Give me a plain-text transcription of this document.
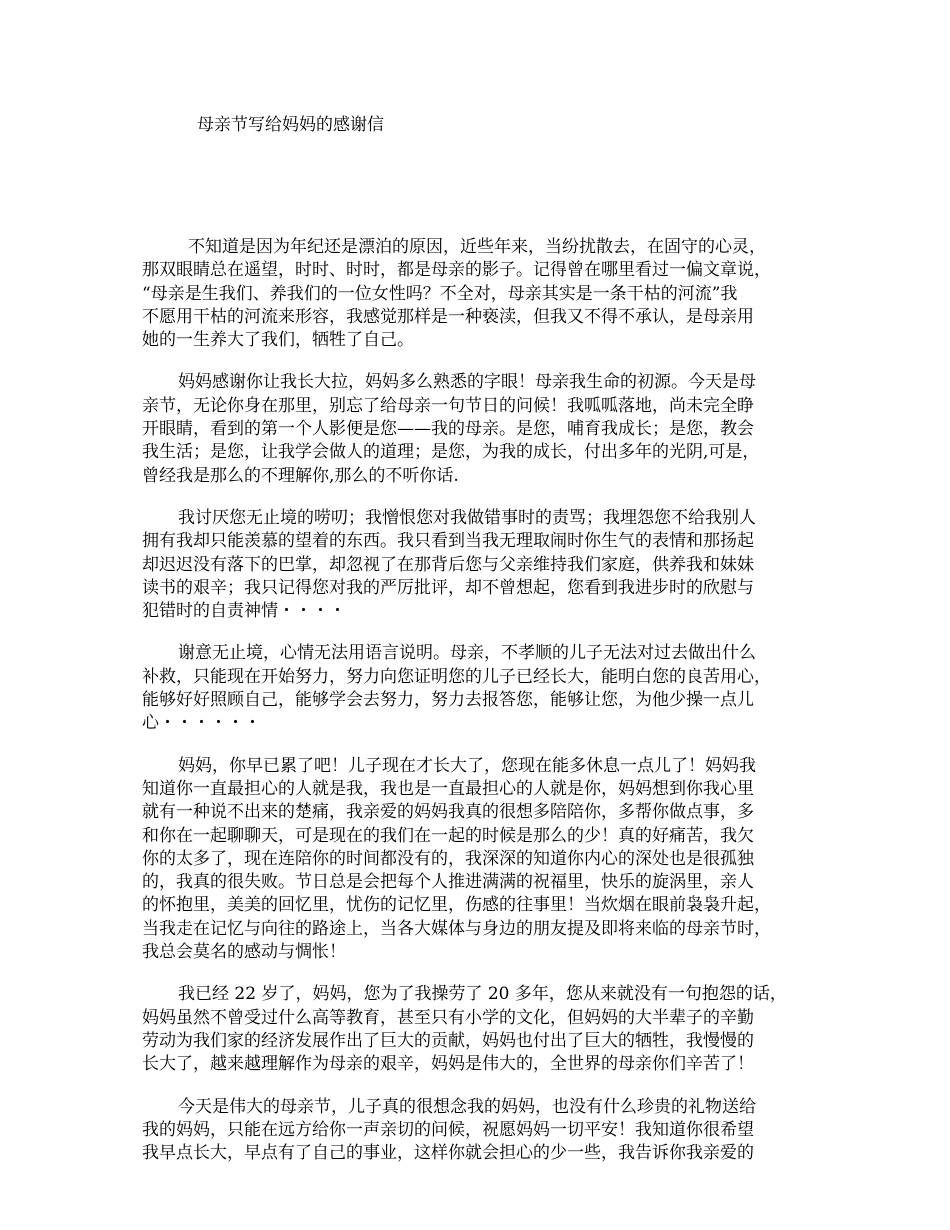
母亲节写给妈妈的感谢信

不知道是因为年纪还是漂泊的原因，近些年来，当纷扰散去，在固守的心灵，
那双眼睛总在遥望，时时、时时，都是母亲的影子。记得曾在哪里看过一偏文章说，
“母亲是生我们、养我们的一位女性吗？不全对，母亲其实是一条干枯的河流”我
不愿用干枯的河流来形容，我感觉那样是一种亵渎，但我又不得不承认，是母亲用
她的一生养大了我们，牺牲了自己。

妈妈感谢你让我长大拉，妈妈多么熟悉的字眼！母亲我生命的初源。今天是母
亲节，无论你身在那里，别忘了给母亲一句节日的问候！我呱呱落地，尚未完全睁
开眼睛，看到的第一个人影便是您——我的母亲。是您，哺育我成长；是您，教会
我生活；是您，让我学会做人的道理；是您，为我的成长，付出多年的光阴,可是，
曾经我是那么的不理解你,那么的不听你话.

我讨厌您无止境的唠叨；我憎恨您对我做错事时的责骂；我埋怨您不给我别人
拥有我却只能羡慕的望着的东西。我只看到当我无理取闹时你生气的表情和那扬起
却迟迟没有落下的巴掌，却忽视了在那背后您与父亲维持我们家庭，供养我和妹妹
读书的艰辛；我只记得您对我的严厉批评，却不曾想起，您看到我进步时的欣慰与
犯错时的自责神情・・・・

谢意无止境，心情无法用语言说明。母亲，不孝顺的儿子无法对过去做出什么
补救，只能现在开始努力，努力向您证明您的儿子已经长大，能明白您的良苦用心，
能够好好照顾自己，能够学会去努力，努力去报答您，能够让您，为他少操一点儿
心・・・・・・

妈妈，你早已累了吧！儿子现在才长大了，您现在能多休息一点儿了！妈妈我
知道你一直最担心的人就是我，我也是一直最担心的人就是你，妈妈想到你我心里
就有一种说不出来的楚痛，我亲爱的妈妈我真的很想多陪陪你，多帮你做点事，多
和你在一起聊聊天，可是现在的我们在一起的时候是那么的少！真的好痛苦，我欠
你的太多了，现在连陪你的时间都没有的，我深深的知道你内心的深处也是很孤独
的，我真的很失败。节日总是会把每个人推进满满的祝福里，快乐的旋涡里，亲人
的怀抱里，美美的回忆里，忧伤的记忆里，伤感的往事里！当炊烟在眼前袅袅升起，
当我走在记忆与向往的路途上，当各大媒体与身边的朋友提及即将来临的母亲节时，
我总会莫名的感动与惆怅！

我已经 22 岁了，妈妈，您为了我操劳了 20 多年，您从来就没有一句抱怨的话，
妈妈虽然不曾受过什么高等教育，甚至只有小学的文化，但妈妈的大半辈子的辛勤
劳动为我们家的经济发展作出了巨大的贡献，妈妈也付出了巨大的牺牲，我慢慢的
长大了，越来越理解作为母亲的艰辛，妈妈是伟大的，全世界的母亲你们辛苦了！

今天是伟大的母亲节，儿子真的很想念我的妈妈，也没有什么珍贵的礼物送给
我的妈妈，只能在远方给你一声亲切的问候，祝愿妈妈一切平安！我知道你很希望
我早点长大，早点有了自己的事业，这样你就会担心的少一些，我告诉你我亲爱的
